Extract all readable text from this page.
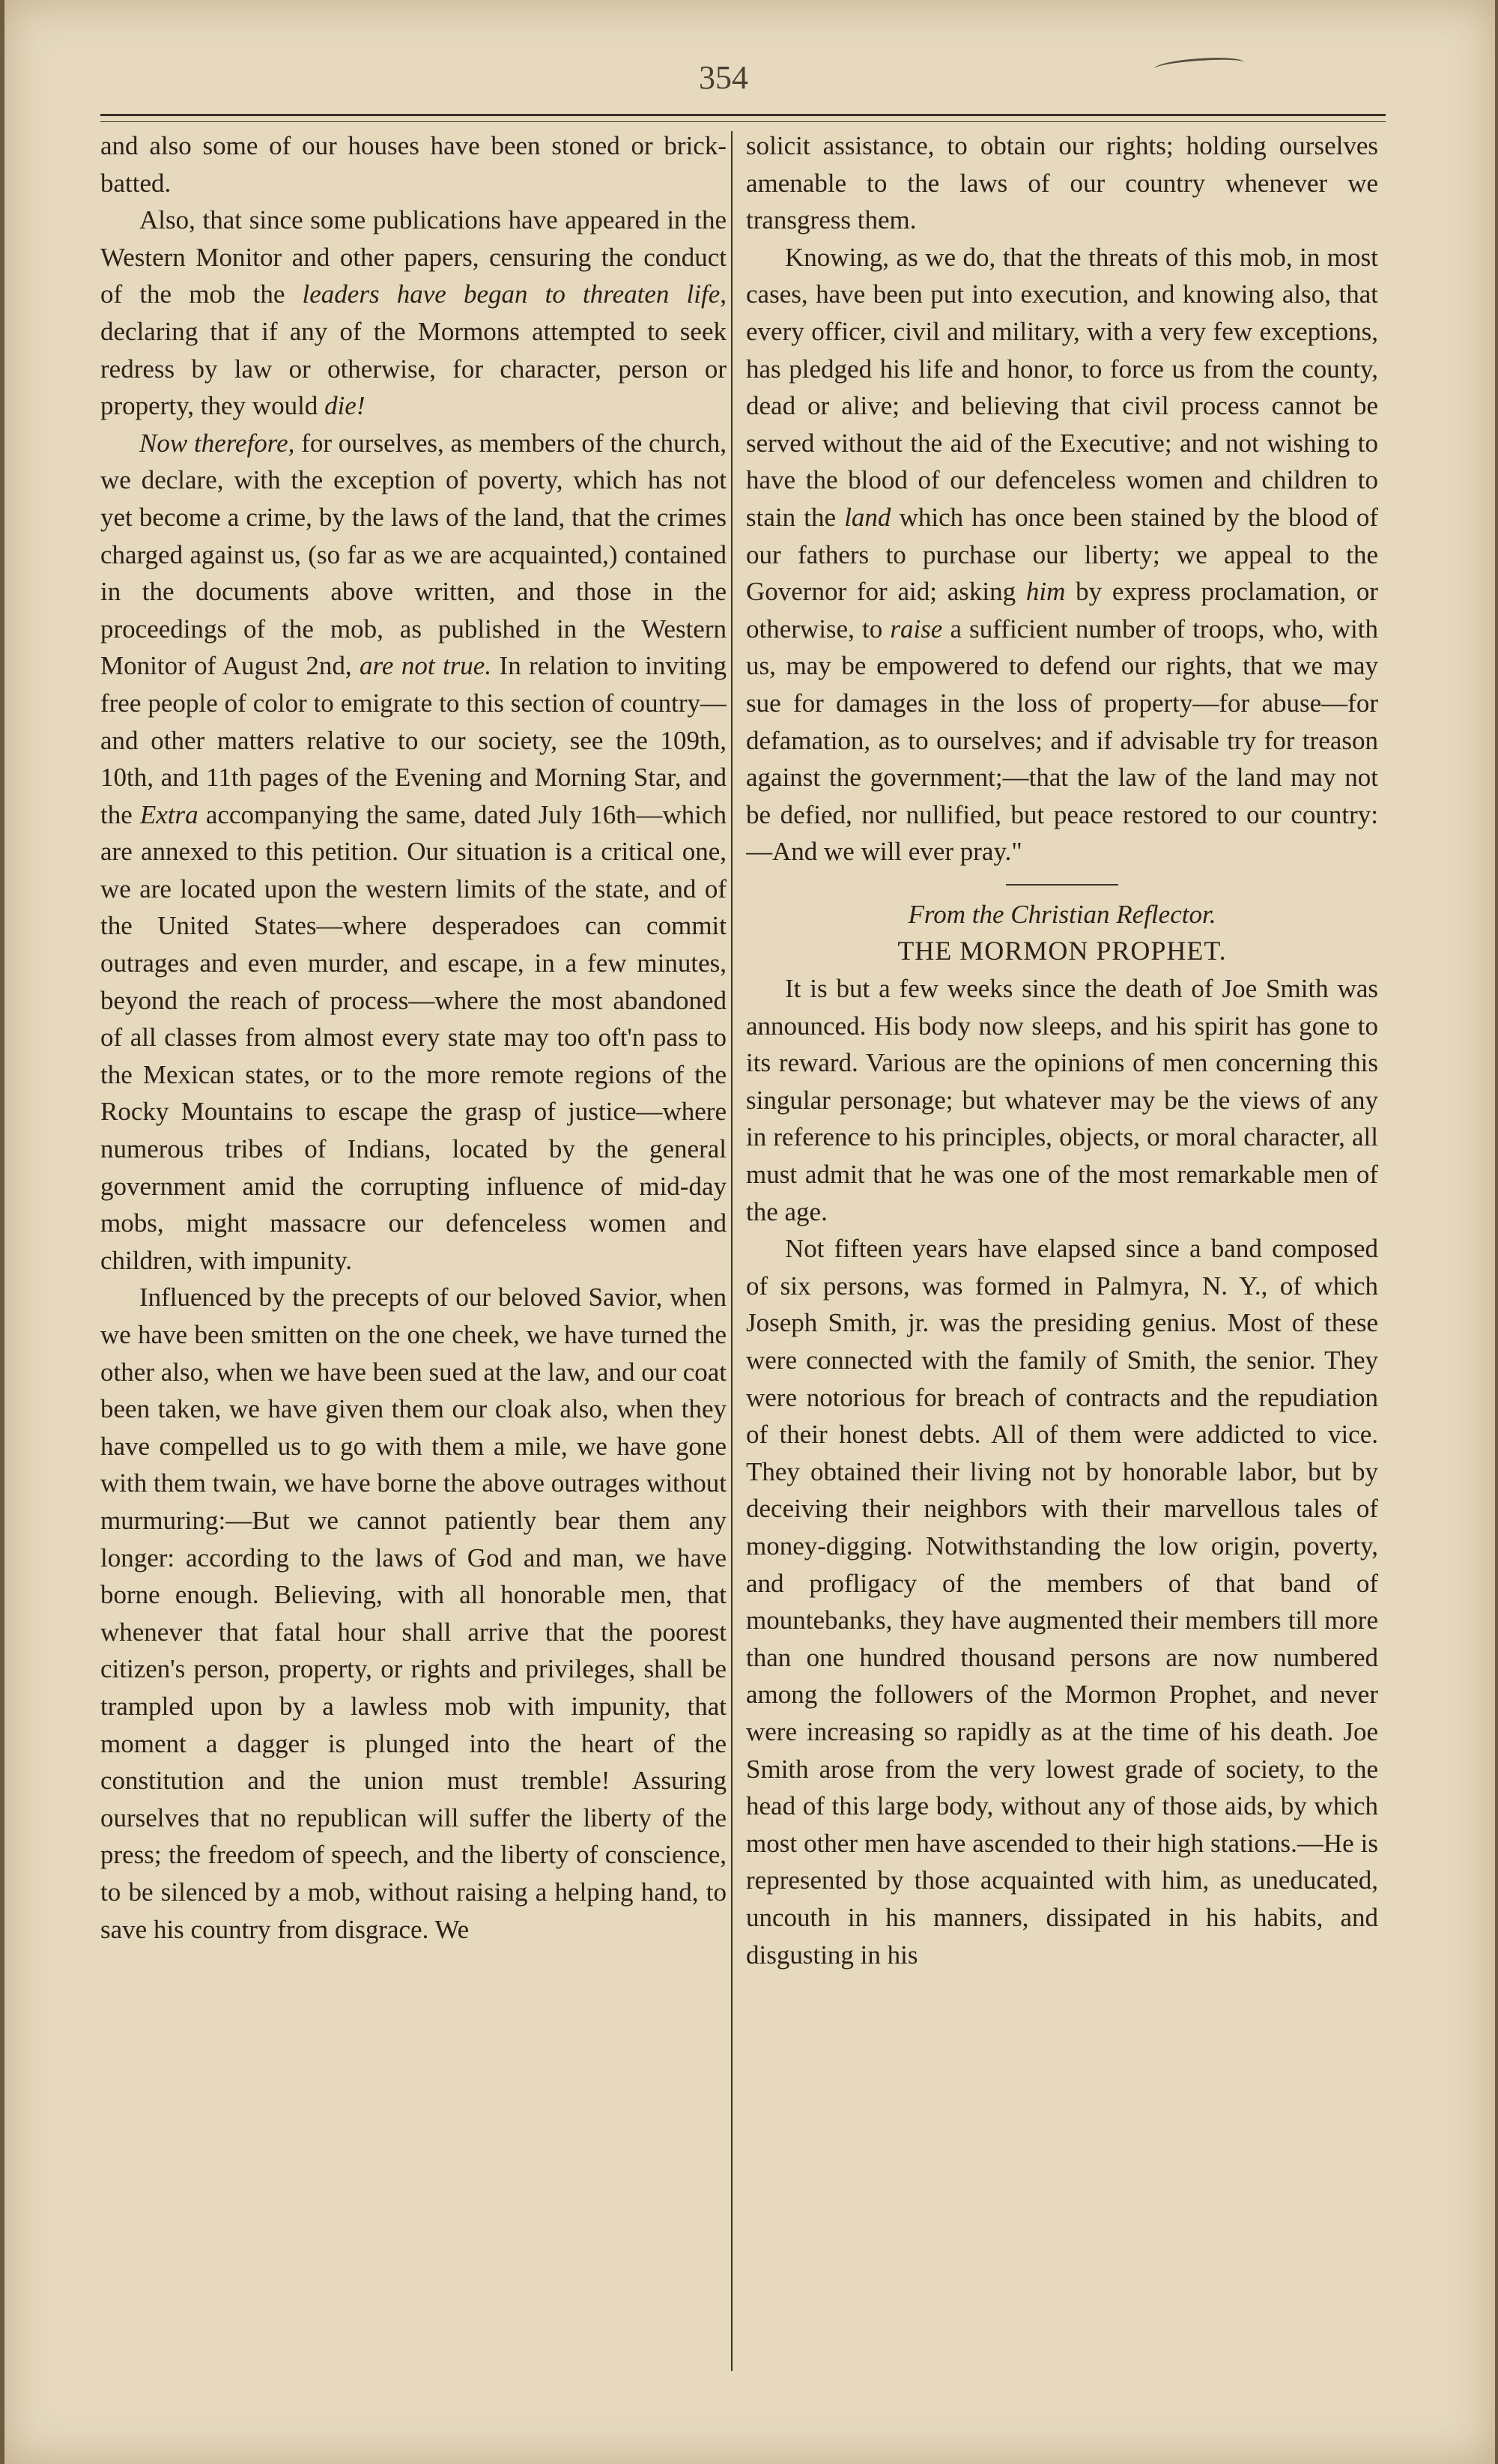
354

and also some of our houses have been stoned or brick-batted.

Also, that since some publications have appeared in the Western Monitor and other papers, censuring the conduct of the mob the leaders have began to threaten life, declaring that if any of the Mormons attempted to seek redress by law or otherwise, for character, person or property, they would die!

Now therefore, for ourselves, as members of the church, we declare, with the exception of poverty, which has not yet become a crime, by the laws of the land, that the crimes charged against us, (so far as we are acquainted,) contained in the documents above written, and those in the proceedings of the mob, as published in the Western Monitor of August 2nd, are not true. In relation to inviting free people of color to emigrate to this section of country—and other matters relative to our society, see the 109th, 10th, and 11th pages of the Evening and Morning Star, and the Extra accompanying the same, dated July 16th—which are annexed to this petition. Our situation is a critical one, we are located upon the western limits of the state, and of the United States—where desperadoes can commit outrages and even murder, and escape, in a few minutes, beyond the reach of process—where the most abandoned of all classes from almost every state may too oft'n pass to the Mexican states, or to the more remote regions of the Rocky Mountains to escape the grasp of justice—where numerous tribes of Indians, located by the general government amid the corrupting influence of mid-day mobs, might massacre our defenceless women and children, with impunity.

Influenced by the precepts of our beloved Savior, when we have been smitten on the one cheek, we have turned the other also, when we have been sued at the law, and our coat been taken, we have given them our cloak also, when they have compelled us to go with them a mile, we have gone with them twain, we have borne the above outrages without murmuring:—But we cannot patiently bear them any longer: according to the laws of God and man, we have borne enough. Believing, with all honorable men, that whenever that fatal hour shall arrive that the poorest citizen's person, property, or rights and privileges, shall be trampled upon by a lawless mob with impunity, that moment a dagger is plunged into the heart of the constitution and the union must tremble! Assuring ourselves that no republican will suffer the liberty of the press; the freedom of speech, and the liberty of conscience, to be silenced by a mob, without raising a helping hand, to save his country from disgrace. We

solicit assistance, to obtain our rights; holding ourselves amenable to the laws of our country whenever we transgress them.

Knowing, as we do, that the threats of this mob, in most cases, have been put into execution, and knowing also, that every officer, civil and military, with a very few exceptions, has pledged his life and honor, to force us from the county, dead or alive; and believing that civil process cannot be served without the aid of the Executive; and not wishing to have the blood of our defenceless women and children to stain the land which has once been stained by the blood of our fathers to purchase our liberty; we appeal to the Governor for aid; asking him by express proclamation, or otherwise, to raise a sufficient number of troops, who, with us, may be empowered to defend our rights, that we may sue for damages in the loss of property—for abuse—for defamation, as to ourselves; and if advisable try for treason against the government;—that the law of the land may not be defied, nor nullified, but peace restored to our country:—And we will ever pray."

From the Christian Reflector.

THE MORMON PROPHET.

It is but a few weeks since the death of Joe Smith was announced. His body now sleeps, and his spirit has gone to its reward. Various are the opinions of men concerning this singular personage; but whatever may be the views of any in reference to his principles, objects, or moral character, all must admit that he was one of the most remarkable men of the age.

Not fifteen years have elapsed since a band composed of six persons, was formed in Palmyra, N. Y., of which Joseph Smith, jr. was the presiding genius. Most of these were connected with the family of Smith, the senior. They were notorious for breach of contracts and the repudiation of their honest debts. All of them were addicted to vice. They obtained their living not by honorable labor, but by deceiving their neighbors with their marvellous tales of money-digging. Notwithstanding the low origin, poverty, and profligacy of the members of that band of mountebanks, they have augmented their members till more than one hundred thousand persons are now numbered among the followers of the Mormon Prophet, and never were increasing so rapidly as at the time of his death. Joe Smith arose from the very lowest grade of society, to the head of this large body, without any of those aids, by which most other men have ascended to their high stations.—He is represented by those acquainted with him, as uneducated, uncouth in his manners, dissipated in his habits, and disgusting in his
